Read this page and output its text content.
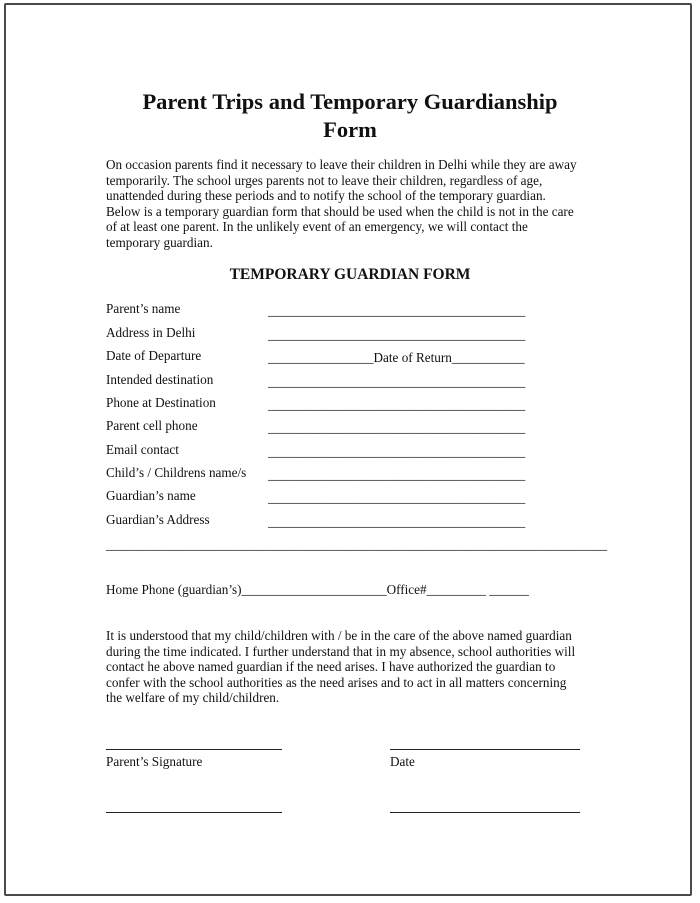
Parent Trips and Temporary Guardianship
Form
On occasion parents find it necessary to leave their children in Delhi while they are away
temporarily. The school urges parents not to leave their children, regardless of age,
unattended during these periods and to notify the school of the temporary guardian.
Below is a temporary guardian form that should be used when the child is not in the care
of at least one parent. In the unlikely event of an emergency, we will contact the
temporary guardian.
TEMPORARY GUARDIAN FORM
Parent’s name	_______________________________________
Address in Delhi	_______________________________________
Date of Departure	________________Date of Return___________
Intended destination	_______________________________________
Phone at Destination	_______________________________________
Parent cell phone	_______________________________________
Email contact	_______________________________________
Child’s / Childrens name/s _______________________________________
Guardian’s name	_______________________________________
Guardian’s Address	_______________________________________
____________________________________________________________________________
Home Phone (guardian’s)______________________Office#_________ ______
It is understood that my child/children with / be in the care of the above named guardian
during the time indicated. I further understand that in my absence, school authorities will
contact he above named guardian if the need arises. I have authorized the guardian to
confer with the school authorities as the need arises and to act in all matters concerning
the welfare of my child/children.
Parent’s Signature	Date
